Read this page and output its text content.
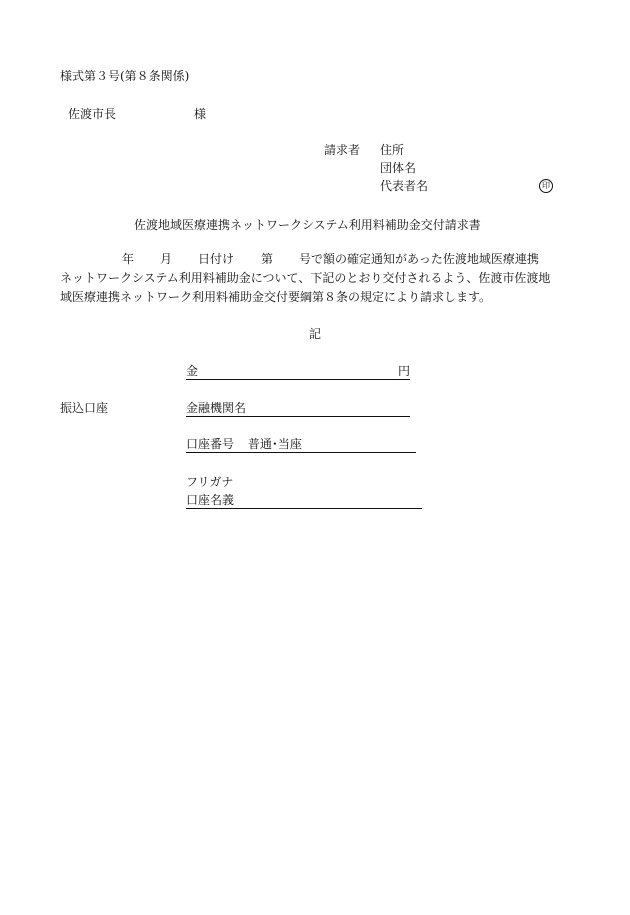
様式第３号(第８条関係)
佐渡市長	様
請求者 住所
団体名
代表者名	印
佐渡地域医療連携ネットワークシステム利用料補助金交付請求書
年 月 日付け 第 号で額の確定通知があった佐渡地域医療連携
ネットワークシステム利用料補助金について、下記のとおり交付されるよう、佐渡市佐渡地
域医療連携ネットワーク利用料補助金交付要綱第８条の規定により請求します。
記
金	円
振込口座	金融機関名
口座番号 普通･当座
フリガナ
口座名義
